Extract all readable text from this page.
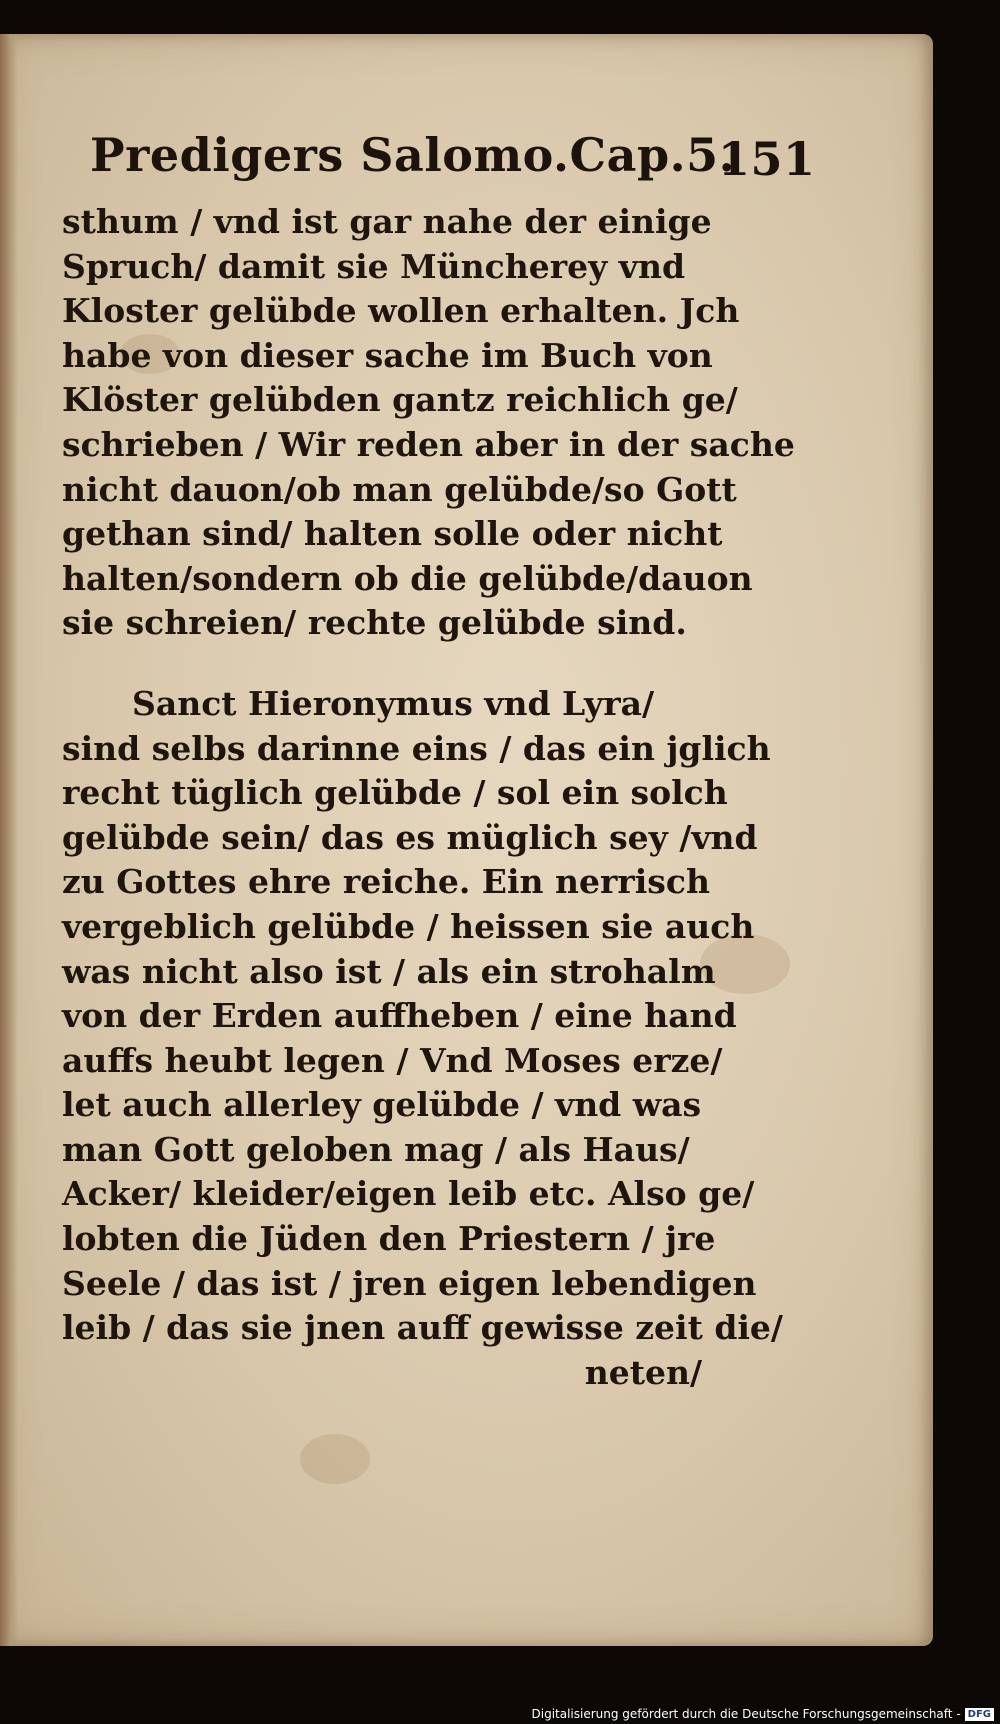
Predigers Salomo.Cap.5.
151
sthum / vnd ist gar nahe der einige
Spruch/ damit sie Müncherey vnd
Kloster gelübde wollen erhalten. Jch
habe von dieser sache im Buch von
Klöster gelübden gantz reichlich ge/
schrieben / Wir reden aber in der sache
nicht dauon/ob man gelübde/so Gott
gethan sind/ halten solle oder nicht
halten/sondern ob die gelübde/dauon
sie schreien/ rechte gelübde sind.
Sanct Hieronymus vnd Lyra/
sind selbs darinne eins / das ein jglich
recht tüglich gelübde / sol ein solch
gelübde sein/ das es müglich sey /vnd
zu Gottes ehre reiche. Ein nerrisch
vergeblich gelübde / heissen sie auch
was nicht also ist / als ein strohalm
von der Erden auffheben / eine hand
auffs heubt legen / Vnd Moses erze/
let auch allerley gelübde / vnd was
man Gott geloben mag / als Haus/
Acker/ kleider/eigen leib etc. Also ge/
lobten die Jüden den Priestern / jre
Seele / das ist / jren eigen lebendigen
leib / das sie jnen auff gewisse zeit die/
neten/
Digitalisierung gefördert durch die Deutsche Forschungsgemeinschaft - DFG
